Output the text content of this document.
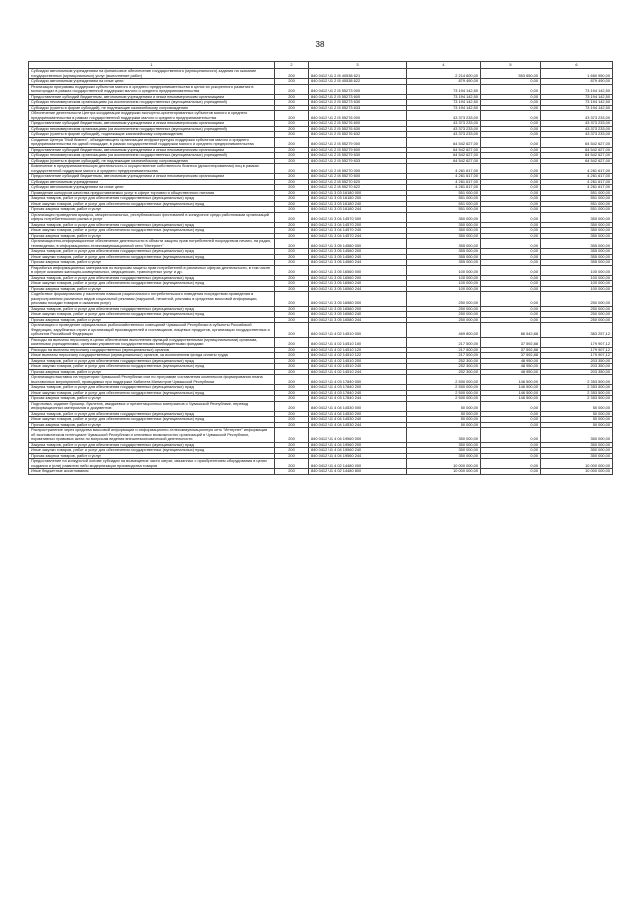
38
1	2	3	4	5	6
Субсидии автономным учреждениям на финансовое обеспечение государственного (муниципального) задания на оказание государственных (муниципальных) услуг (выполнение работ)	200	840 0412 Ч1 2 I5 40538 621	2 214 600,00	553 650,00	1 660 950,00
Субсидии автономным учреждениям на иные цели	200	840 0412 Ч1 2 I5 40538 622	879 490,00	0,00	879 490,00
Реализация программы поддержки субъектов малого и среднего предпринимательства в целях их ускоренного развития в моногородах в рамках государственной поддержки малого и среднего предпринимательства	200	840 0412 Ч1 2 I5 55273 000	73 194 142,50	0,00	73 194 142,50
Предоставление субсидий бюджетным, автономным учреждениям и иным некоммерческим организациям	200	840 0412 Ч1 2 I5 55273 600	73 194 142,50	0,00	73 194 142,50
Субсидии некоммерческим организациям (за исключением государственных (муниципальных) учреждений)	200	840 0412 Ч1 2 I5 55273 630	73 194 142,50	0,00	73 194 142,50
Субсидии (гранты в форме субсидий), не подлежащие казначейскому сопровождению	200	840 0412 Ч1 2 I5 55273 633	73 194 142,50	0,00	73 194 142,50
Обеспечение деятельности Центра координации поддержки экспортно-ориентированных субъектов малого и среднего предпринимательства в рамках государственной поддержки малого и среднего предпринимательства	200	840 0412 Ч1 2 I5 55276 000	43 373 233,00	0,00	43 373 233,00
Предоставление субсидий бюджетным, автономным учреждениям и иным некоммерческим организациям	200	840 0412 Ч1 2 I5 55276 600	43 373 233,00	0,00	43 373 233,00
Субсидии некоммерческим организациям (за исключением государственных (муниципальных) учреждений)	200	840 0412 Ч1 2 I5 55276 630	43 373 233,00	0,00	43 373 233,00
Субсидии (гранты в форме субсидий), подлежащие казначейскому сопровождению	200	840 0412 Ч1 2 I5 55276 632	43 373 233,00	0,00	43 373 233,00
Создание Центра "Мой бизнес", объединяющего организации инфраструктуры поддержки субъектов малого и среднего предпринимательства на одной площадке, в рамках государственной поддержки малого и среднего предпринимательства	200	840 0412 Ч1 2 I5 55279 000	64 542 627,00	0,00	64 542 627,00
Предоставление субсидий бюджетным, автономным учреждениям и иным некоммерческим организациям	200	840 0412 Ч1 2 I5 55279 600	64 542 627,00	0,00	64 542 627,00
Субсидии некоммерческим организациям (за исключением государственных (муниципальных) учреждений)	200	840 0412 Ч1 2 I5 55279 630	64 542 627,00	0,00	64 542 627,00
Субсидии (гранты в форме субсидий), не подлежащие казначейскому сопровождению	200	840 0412 Ч1 2 I5 55279 633	64 542 627,00	0,00	64 542 627,00
Вовлечение в предпринимательскую деятельность и осуществление собственного бизнеса (дисконтированная) лиц в рамках государственной поддержки малого и среднего предпринимательства	200	840 0412 Ч1 2 I8 55270 000	4 261 617,00	0,00	4 261 617,00
Предоставление субсидий бюджетным, автономным учреждениям и иным некоммерческим организациям	200	840 0412 Ч1 2 I8 55270 600	4 261 617,00	0,00	4 261 617,00
Субсидии автономным учреждениям	200	840 0412 Ч1 2 I8 55270 620	4 261 617,00	0,00	4 261 617,00
Субсидии автономным учреждениям на иные цели	200	840 0412 Ч1 2 I8 55270 622	4 261 617,00	0,00	4 261 617,00
Проведение конкурсов качества предоставляемых услуг в сфере торговли и общественного питания	200	840 0412 Ч1 3 03 16180 000	551 000,00	0,00	551 000,00
Закупка товаров, работ и услуг для обеспечения государственных (муниципальных) нужд	200	840 0412 Ч1 3 03 16180 200	551 000,00	0,00	551 000,00
Иные закупки товаров, работ и услуг для обеспечения государственных (муниципальных) нужд	200	840 0412 Ч1 3 03 16180 240	551 000,00	0,00	551 000,00
Прочая закупка товаров, работ и услуг	200	840 0412 Ч1 3 03 16180 244	551 000,00	0,00	551 000,00
Организация проведения ярмарок, межрегиональных, республиканских фестивалей в конкурсное среди работниками организаций сферы потребительского рынка и услуг	200	840 0412 Ч1 3 04 14570 000	350 000,00	0,00	350 000,00
Закупка товаров, работ и услуг для обеспечения государственных (муниципальных) нужд	200	840 0412 Ч1 3 04 14570 200	350 000,00	0,00	350 000,00
Иные закупки товаров, работ и услуг для обеспечения государственных (муниципальных) нужд	200	840 0412 Ч1 3 04 14570 240	350 000,00	0,00	350 000,00
Прочая закупка товаров, работ и услуг	200	840 0412 Ч1 3 04 14570 244	350 000,00	0,00	350 000,00
Организационно-информационное обеспечение деятельности в области защиты прав потребителей посредством печати, на радио, телевидении, в информационно-телекоммуникационной сети "Интернет"	200	840 0412 Ч1 3 05 14580 000	355 000,00	0,00	355 000,00
Закупка товаров, работ и услуг для обеспечения государственных (муниципальных) нужд	200	840 0412 Ч1 3 05 14580 200	355 000,00	0,00	355 000,00
Иные закупки товаров, работ и услуг для обеспечения государственных (муниципальных) нужд	200	840 0412 Ч1 3 05 14580 240	355 000,00	0,00	355 000,00
Прочая закупка товаров, работ и услуг	200	840 0412 Ч1 3 05 14580 244	355 000,00	0,00	355 000,00
Разработка информационных материалов по вопросам защиты прав потребителей в различных сферах деятельности, в том числе в сфере оказания жилищно-коммунальных, медицинских, транспортных услуг и др.	200	840 0412 Ч1 3 05 16560 000	100 000,00	0,00	100 000,00
Закупка товаров, работ и услуг для обеспечения государственных (муниципальных) нужд	200	840 0412 Ч1 3 05 16560 200	100 000,00	0,00	100 000,00
Иные закупки товаров, работ и услуг для обеспечения государственных (муниципальных) нужд	200	840 0412 Ч1 3 05 16560 240	100 000,00	0,00	100 000,00
Прочая закупка товаров, работ и услуг	200	840 0412 Ч1 3 05 16560 244	100 000,00	0,00	100 000,00
Содействие формированию у населения навыков рационального потребительского поведения посредством проведения в распространения различных видов социальной рекламы (наружной, печатной, рекламы в средствах массовой информации, рекламы посадки товаров и оказания услуг)	200	840 0412 Ч1 3 05 16580 000	250 000,00	0,00	250 000,00
Закупка товаров, работ и услуг для обеспечения государственных (муниципальных) нужд	200	840 0412 Ч1 3 05 16580 200	250 000,00	0,00	250 000,00
Иные закупки товаров, работ и услуг для обеспечения государственных (муниципальных) нужд	200	840 0412 Ч1 3 05 16580 240	250 000,00	0,00	250 000,00
Прочая закупка товаров, работ и услуг	200	840 0412 Ч1 3 05 16580 244	250 000,00	0,00	250 000,00
Организация и проведение официальных рыбохозяйственных совещаний Чувашской Республики в субъекты Российской Федерации, зарубежных стран и организаций производителей и поставщиков, пищевых продуктов, организации государственных и субъектов Российской Федерации	200	840 0412 Ч1 4 02 14510 000	469 800,00	86 542,88	383 257,12
Расходы на выплаты персоналу в целях обеспечения выполнения функций государственными (муниципальными) органами, казенными учреждениями, органами управления государственными внебюджетными фондами	200	840 0412 Ч1 4 02 14510 100	217 500,00	37 592,88	179 907,12
Расходы на выплаты персоналу государственных (муниципальных) органов	200	840 0412 Ч1 4 02 14510 120	217 500,00	37 592,88	179 907,12
Иные выплаты персоналу государственных (муниципальных) органов, за исключением фонда оплаты труда	200	840 0412 Ч1 4 02 14510 122	217 500,00	37 592,88	179 907,12
Закупка товаров, работ и услуг для обеспечения государственных (муниципальных) нужд	200	840 0412 Ч1 4 02 14510 200	252 300,00	48 950,00	203 350,00
Иные закупки товаров, работ и услуг для обеспечения государственных (муниципальных) нужд	200	840 0412 Ч1 4 02 14510 240	252 300,00	48 950,00	203 350,00
Прочая закупка товаров, работ и услуг	200	840 0412 Ч1 4 02 14510 244	252 300,00	48 950,00	203 350,00
Организация выставок на территории Чувашской Республики или по программе составления комплексов формирования плана выставочных мероприятий, проводимых при поддержке Кабинета Министров Чувашской Республики	200	840 0412 Ч1 4 03 17840 000	2 500 000,00	146 500,00	2 353 500,00
Закупка товаров, работ и услуг для обеспечения государственных (муниципальных) нужд	200	840 0412 Ч1 4 03 17840 200	2 500 000,00	146 500,00	2 353 500,00
Иные закупки товаров, работ и услуг для обеспечения государственных (муниципальных) нужд	200	840 0412 Ч1 4 03 17840 240	2 500 000,00	146 500,00	2 353 500,00
Прочая закупка товаров, работ и услуг	200	840 0412 Ч1 4 03 17840 244	2 500 000,00	146 500,00	2 353 500,00
Подготовка, издание брошюр, буклетов, имиджевых и презентационных материалов о Чувашской Республике, перевод информационных материалов и документов	200	840 0412 Ч1 4 04 14530 000	50 000,00	0,00	50 000,00
Закупка товаров, работ и услуг для обеспечения государственных (муниципальных) нужд	200	840 0412 Ч1 4 04 14530 200	50 000,00	0,00	50 000,00
Иные закупки товаров, работ и услуг для обеспечения государственных (муниципальных) нужд	200	840 0412 Ч1 4 04 14530 240	50 000,00	0,00	50 000,00
Прочая закупка товаров, работ и услуг	200	840 0412 Ч1 4 04 14530 244	50 000,00	0,00	50 000,00
Распространение через средства массовой информации и информационно-телекоммуникационную сеть "Интернет" информации об экономическом потенциале Чувашской Республики и ключевых возможностях организаций в Чувашской Республике, нормативных правовых актах по вопросам ведения внешнеэкономической деятельности	200	840 0412 Ч1 4 04 19560 000	350 000,00	0,00	350 000,00
Закупка товаров, работ и услуг для обеспечения государственных (муниципальных) нужд	200	840 0412 Ч1 4 04 19560 200	350 000,00	0,00	350 000,00
Иные закупки товаров, работ и услуг для обеспечения государственных (муниципальных) нужд	200	840 0412 Ч1 4 04 19560 240	350 000,00	0,00	350 000,00
Прочая закупка товаров, работ и услуг	200	840 0412 Ч1 4 04 19560 244	350 000,00	0,00	350 000,00
Предоставление на конкурсной основе субсидии на возмещение части затрат, связанных с приобретением оборудования в целях создания и (или) развития либо модернизации производства товаров	200	840 0412 Ч1 4 02 14480 000	10 000 000,00	0,00	10 000 000,00
Иные бюджетные ассигнования	200	840 0412 Ч1 4 02 14480 800	10 000 000,00	0,00	10 000 000,00
